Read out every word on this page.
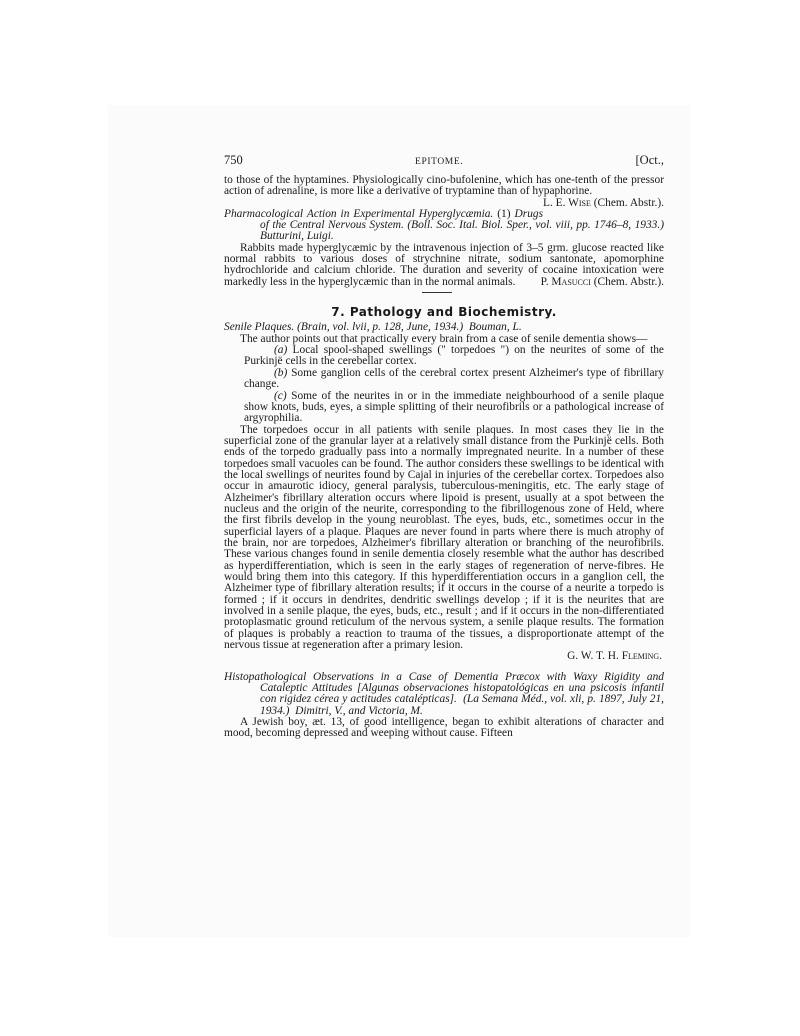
750	EPITOME.	[Oct.,

to those of the hyptamines. Physiologically cino-bufolenine, which has one-tenth of the pressor action of adrenaline, is more like a derivative of tryptamine than of hypaphorine.
L. E. Wise (Chem. Abstr.).

Pharmacological Action in Experimental Hyperglycæmia. (1) Drugs of the Central Nervous System. (Boll. Soc. Ital. Biol. Sper., vol. viii, pp. 1746–8, 1933.) Butturini, Luigi.

Rabbits made hyperglycæmic by the intravenous injection of 3–5 grm. glucose reacted like normal rabbits to various doses of strychnine nitrate, sodium santonate, apomorphine hydrochloride and calcium chloride. The duration and severity of cocaine intoxication were markedly less in the hyperglycæmic than in the normal animals.	P. Masucci (Chem. Abstr.).

7. Pathology and Biochemistry.

Senile Plaques. (Brain, vol. lvii, p. 128, June, 1934.) Bouman, L.

The author points out that practically every brain from a case of senile dementia shows—

(a) Local spool-shaped swellings (" torpedoes ") on the neurites of some of the Purkinjë cells in the cerebellar cortex.

(b) Some ganglion cells of the cerebral cortex present Alzheimer's type of fibrillary change.

(c) Some of the neurites in or in the immediate neighbourhood of a senile plaque show knots, buds, eyes, a simple splitting of their neurofibrils or a pathological increase of argyrophilia.

The torpedoes occur in all patients with senile plaques. In most cases they lie in the superficial zone of the granular layer at a relatively small distance from the Purkinjë cells. Both ends of the torpedo gradually pass into a normally impregnated neurite. In a number of these torpedoes small vacuoles can be found. The author considers these swellings to be identical with the local swellings of neurites found by Cajal in injuries of the cerebellar cortex. Torpedoes also occur in amaurotic idiocy, general paralysis, tuberculous-meningitis, etc. The early stage of Alzheimer's fibrillary alteration occurs where lipoid is present, usually at a spot between the nucleus and the origin of the neurite, corresponding to the fibrillogenous zone of Held, where the first fibrils develop in the young neuroblast. The eyes, buds, etc., sometimes occur in the superficial layers of a plaque. Plaques are never found in parts where there is much atrophy of the brain, nor are torpedoes, Alzheimer's fibrillary alteration or branching of the neurofibrils. These various changes found in senile dementia closely resemble what the author has described as hyperdifferentiation, which is seen in the early stages of regeneration of nerve-fibres. He would bring them into this category. If this hyperdifferentiation occurs in a ganglion cell, the Alzheimer type of fibrillary alteration results; if it occurs in the course of a neurite a torpedo is formed ; if it occurs in dendrites, dendritic swellings develop ; if it is the neurites that are involved in a senile plaque, the eyes, buds, etc., result ; and if it occurs in the non-differentiated protoplasmatic ground reticulum of the nervous system, a senile plaque results. The formation of plaques is probably a reaction to trauma of the tissues, a disproportionate attempt of the nervous tissue at regeneration after a primary lesion.

G. W. T. H. Fleming.

Histopathological Observations in a Case of Dementia Præcox with Waxy Rigidity and Cataleptic Attitudes [Algunas observaciones histopatológicas en una psicosis infantil con rigidez cérea y actitudes catalépticas]. (La Semana Méd., vol. xli, p. 1897, July 21, 1934.) Dimitri, V., and Victoria, M.

A Jewish boy, æt. 13, of good intelligence, began to exhibit alterations of character and mood, becoming depressed and weeping without cause. Fifteen
